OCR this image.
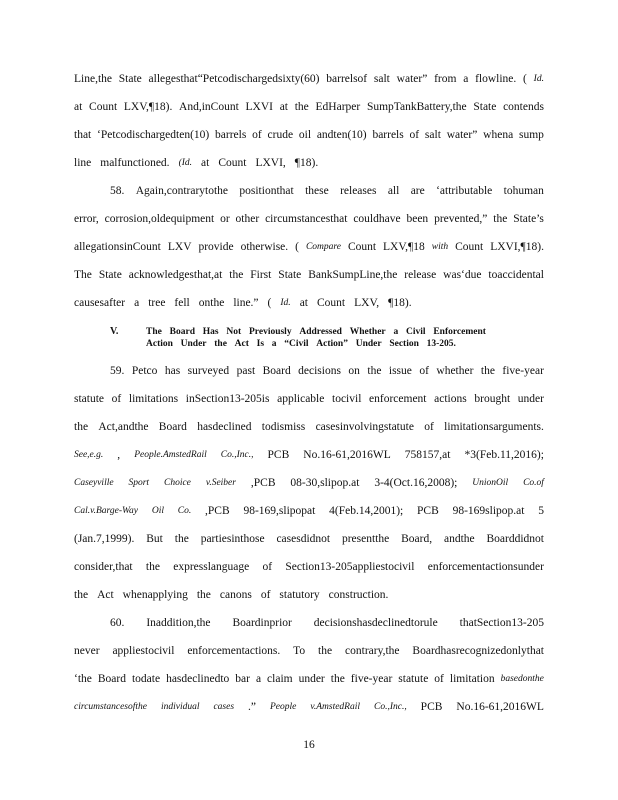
Line,the State allegesthat“Petcodischargedsixty(60) barrelsof salt water” from a flowline. ( Id.
at Count LXV,¶18). And,inCount LXVI at the EdHarper SumpTankBattery,the State contends
that ‘Petcodischargedten(10) barrels of crude oil andten(10) barrels of salt water” whena sump
line malfunctioned. (Id. at Count LXVI, ¶18).
58. Again,contrarytothe positionthat these releases all are ‘attributable tohuman
error, corrosion,oldequipment or other circumstancesthat couldhave been prevented,” the State’s
allegationsinCount LXV provide otherwise. ( Compare Count LXV,¶18 with Count LXVI,¶18).
The State acknowledgesthat,at the First State BankSumpLine,the release was‘due toaccidental
causesafter a tree fell onthe line.” ( Id. at Count LXV, ¶18).
59. Petco has surveyed past Board decisions on the issue of whether the five-year
statute of limitations inSection13-205is applicable tocivil enforcement actions brought under
the Act,andthe Board hasdeclined todismiss casesinvolvingstatute of limitationsarguments.
See,e.g. , People.AmstedRail Co.,Inc., PCB No.16-61,2016WL 758157,at *3(Feb.11,2016);
Caseyville Sport Choice v.Seiber ,PCB 08-30,slipop.at 3-4(Oct.16,2008); UnionOil Co.of
Cal.v.Barge-Way Oil Co. ,PCB 98-169,slipopat 4(Feb.14,2001); PCB 98-169slipop.at 5
(Jan.7,1999). But the partiesinthose casesdidnot presentthe Board, andthe Boarddidnot
consider,that the expresslanguage of Section13-205appliestocivil enforcementactionsunder
the Act whenapplying the canons of statutory construction.
60. Inaddition,the Boardinprior decisionshasdeclinedtorule thatSection13-205
never appliestocivil enforcementactions. To the contrary,the Boardhasrecognizedonlythat
‘the Board todate hasdeclinedto bar a claim under the five-year statute of limitation basedonthe
circumstancesofthe individual cases .” People v.AmstedRail Co.,Inc., PCB No.16-61,2016WL
V.	The Board Has Not Previously Addressed Whether a Civil Enforcement
Action Under the Act Is a “Civil Action” Under Section 13-205.
16
